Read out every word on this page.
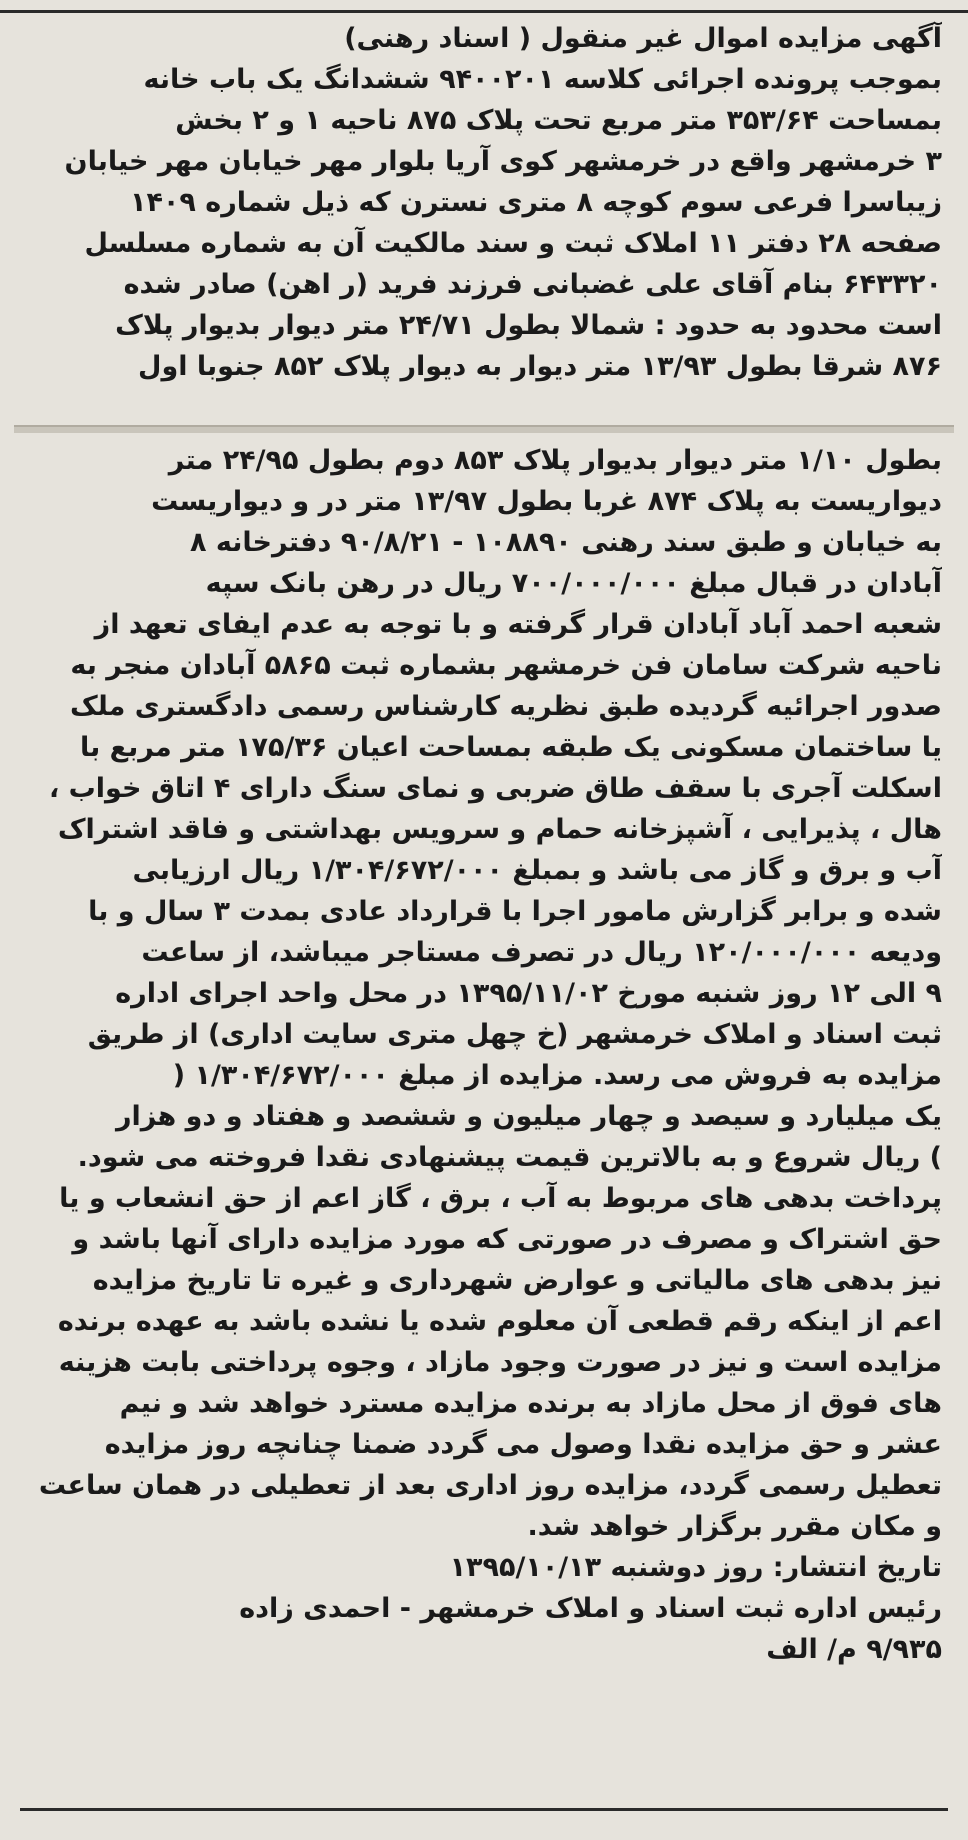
آگهی مزایده اموال غیر منقول ( اسناد رهنی)
بموجب پرونده اجرائی کلاسه ۹۴۰۰۲۰۱ ششدانگ یک باب خانه
بمساحت ۳۵۳/۶۴ متر مربع تحت پلاک ۸۷۵ ناحیه ۱ و ۲ بخش
۳ خرمشهر واقع در خرمشهر کوی آریا بلوار مهر خیابان مهر خیابان
زیباسرا فرعی سوم کوچه ۸ متری نسترن که ذیل شماره ۱۴۰۹
صفحه ۲۸ دفتر ۱۱ املاک ثبت و سند مالکیت آن به شماره مسلسل
۶۴۳۳۲۰ بنام آقای علی غضبانی فرزند فرید (ر اهن) صادر شده
است محدود به حدود : شمالا بطول ۲۴/۷۱ متر دیوار بدیوار پلاک
۸۷۶ شرقا بطول ۱۳/۹۳ متر دیوار به دیوار پلاک ۸۵۲ جنوبا اول
بطول ۱/۱۰ متر دیوار بدیوار پلاک ۸۵۳ دوم بطول ۲۴/۹۵ متر
دیواریست به پلاک ۸۷۴ غربا بطول ۱۳/۹۷ متر در و دیواریست
به خیابان و طبق سند رهنی ۱۰۸۸۹۰ - ۹۰/۸/۲۱ دفترخانه ۸
آبادان در قبال مبلغ ۷۰۰/۰۰۰/۰۰۰ ریال در رهن بانک سپه
شعبه احمد آباد آبادان قرار گرفته و با توجه به عدم ایفای تعهد از
ناحیه شرکت سامان فن خرمشهر بشماره ثبت ۵۸۶۵ آبادان منجر به
صدور اجرائیه گردیده طبق نظریه کارشناس رسمی دادگستری ملک
یا ساختمان مسکونی یک طبقه بمساحت اعیان ۱۷۵/۳۶ متر مربع با
اسکلت آجری با سقف طاق ضربی و نمای سنگ دارای ۴ اتاق خواب ،
هال ، پذیرایی ، آشپزخانه حمام و سرویس بهداشتی و فاقد اشتراک
آب و برق و گاز می باشد و بمبلغ ۱/۳۰۴/۶۷۲/۰۰۰ ریال ارزیابی
شده و برابر گزارش مامور اجرا با قرارداد عادی بمدت ۳ سال و با
ودیعه ۱۲۰/۰۰۰/۰۰۰ ریال در تصرف مستاجر میباشد، از ساعت
۹ الی ۱۲ روز شنبه مورخ ۱۳۹۵/۱۱/۰۲ در محل واحد اجرای اداره
ثبت اسناد و املاک خرمشهر (خ چهل متری سایت اداری) از طریق
مزایده به فروش می رسد. مزایده از مبلغ ۱/۳۰۴/۶۷۲/۰۰۰ (
یک میلیارد و سیصد و چهار میلیون و ششصد و هفتاد و دو هزار
) ریال شروع و به بالاترین قیمت پیشنهادی نقدا فروخته می شود.
پرداخت بدهی های مربوط به آب ، برق ، گاز اعم از حق انشعاب و یا
حق اشتراک و مصرف در صورتی که مورد مزایده دارای آنها باشد و
نیز بدهی های مالیاتی و عوارض شهرداری و غیره تا تاریخ مزایده
اعم از اینکه رقم قطعی آن معلوم شده یا نشده باشد به عهده برنده
مزایده است و نیز در صورت وجود مازاد ، وجوه پرداختی بابت هزینه
های فوق از محل مازاد به برنده مزایده مسترد خواهد شد و نیم
عشر و حق مزایده نقدا وصول می گردد ضمنا چنانچه روز مزایده
تعطیل رسمی گردد، مزایده روز اداری بعد از تعطیلی در همان ساعت
و مکان مقرر برگزار خواهد شد.
تاریخ انتشار: روز دوشنبه ۱۳۹۵/۱۰/۱۳
رئیس اداره ثبت اسناد و املاک خرمشهر - احمدی زاده
۹/۹۳۵ م/ الف
